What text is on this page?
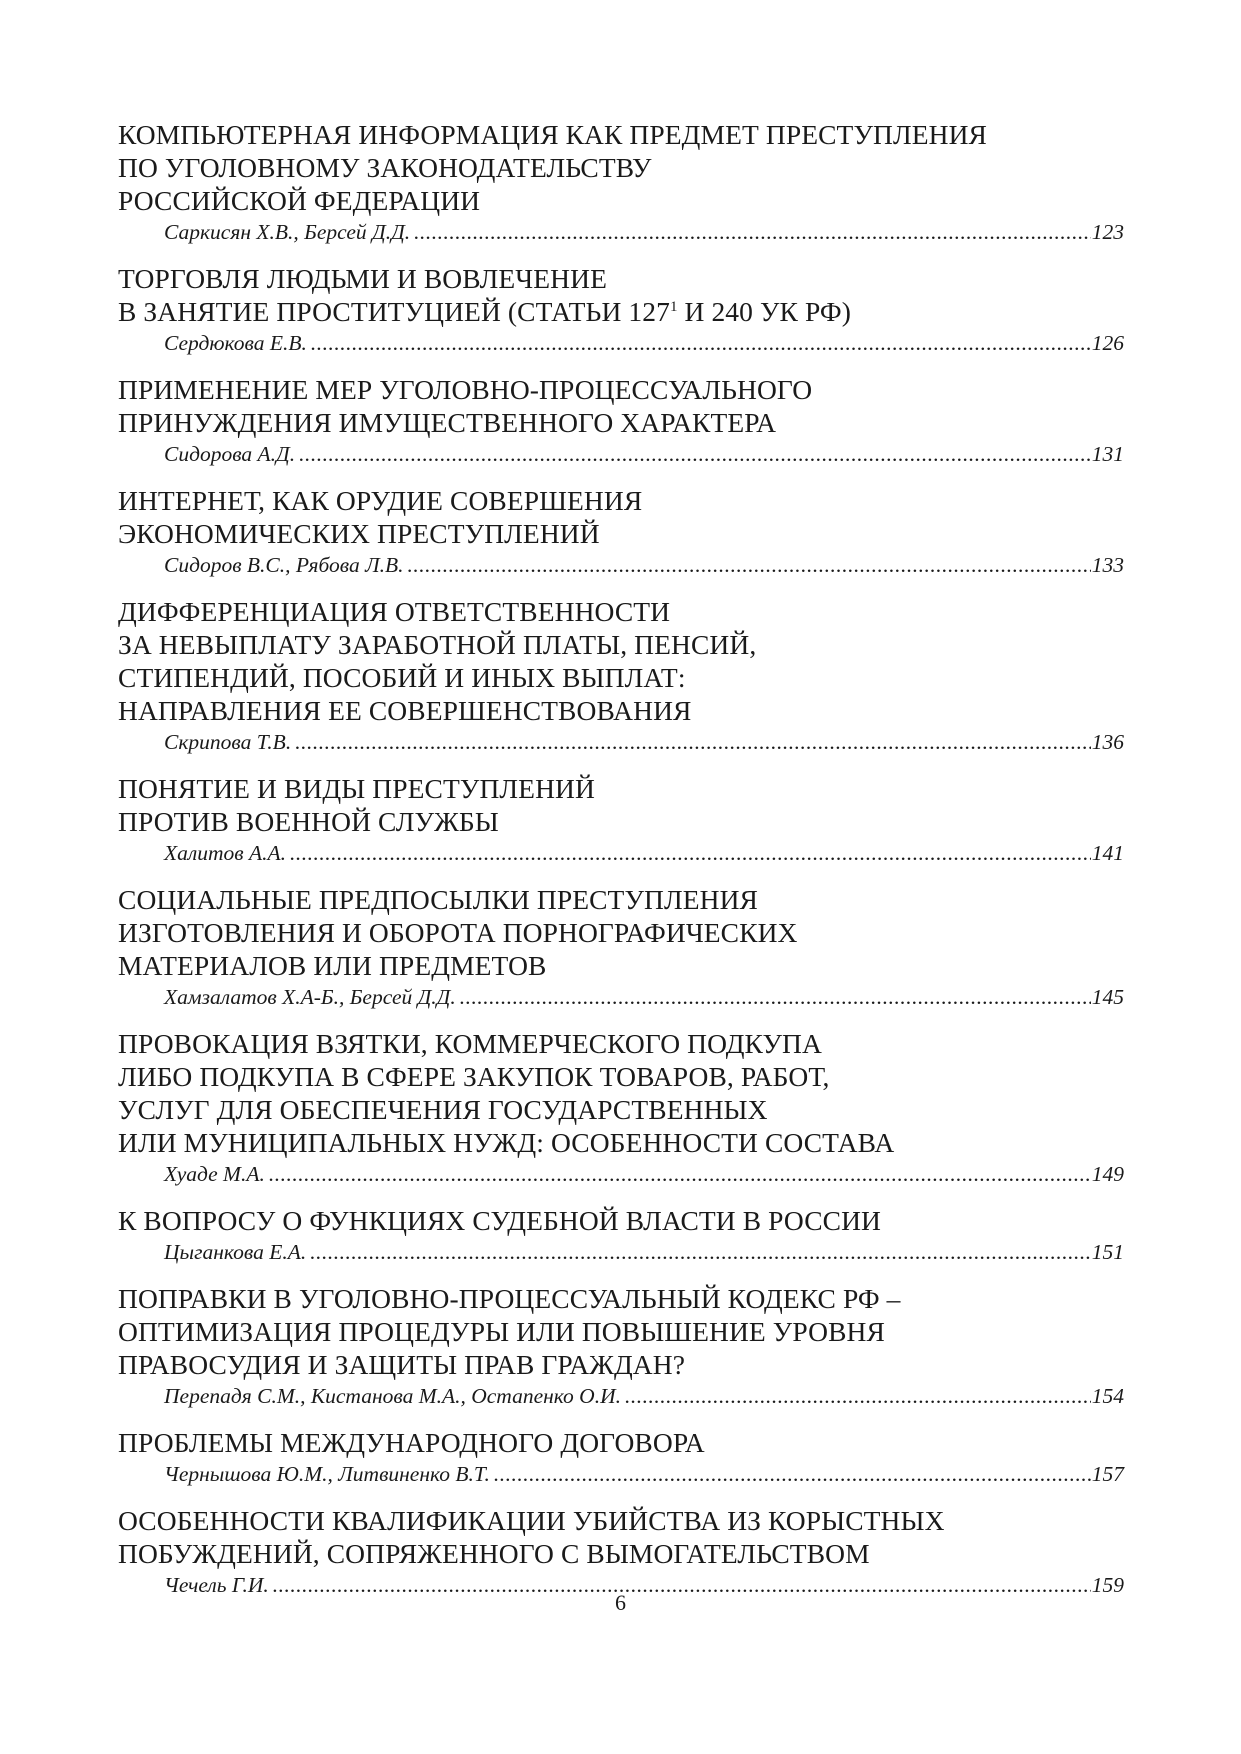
КОМПЬЮТЕРНАЯ ИНФОРМАЦИЯ КАК ПРЕДМЕТ ПРЕСТУПЛЕНИЯ
ПО УГОЛОВНОМУ ЗАКОНОДАТЕЛЬСТВУ
РОССИЙСКОЙ ФЕДЕРАЦИИ
Саркисян Х.В., Берсей Д.Д. .....	123
ТОРГОВЛЯ ЛЮДЬМИ И ВОВЛЕЧЕНИЕ
В ЗАНЯТИЕ ПРОСТИТУЦИЕЙ (СТАТЬИ $127^1$ И 240 УК РФ)
Сердюкова Е.В. .....	126
ПРИМЕНЕНИЕ МЕР УГОЛОВНО-ПРОЦЕССУАЛЬНОГО
ПРИНУЖДЕНИЯ ИМУЩЕСТВЕННОГО ХАРАКТЕРА
Сидорова А.Д. .....	131
ИНТЕРНЕТ, КАК ОРУДИЕ СОВЕРШЕНИЯ
ЭКОНОМИЧЕСКИХ ПРЕСТУПЛЕНИЙ
Сидоров В.С., Рябова Л.В. .....	133
ДИФФЕРЕНЦИАЦИЯ ОТВЕТСТВЕННОСТИ
ЗА НЕВЫПЛАТУ ЗАРАБОТНОЙ ПЛАТЫ, ПЕНСИЙ,
СТИПЕНДИЙ, ПОСОБИЙ И ИНЫХ ВЫПЛАТ:
НАПРАВЛЕНИЯ ЕЕ СОВЕРШЕНСТВОВАНИЯ
Скрипова Т.В. .....	136
ПОНЯТИЕ И ВИДЫ ПРЕСТУПЛЕНИЙ
ПРОТИВ ВОЕННОЙ СЛУЖБЫ
Халитов А.А. .....	141
СОЦИАЛЬНЫЕ ПРЕДПОСЫЛКИ ПРЕСТУПЛЕНИЯ
ИЗГОТОВЛЕНИЯ И ОБОРОТА ПОРНОГРАФИЧЕСКИХ
МАТЕРИАЛОВ ИЛИ ПРЕДМЕТОВ
Хамзалатов Х.А-Б., Берсей Д.Д. .....	145
ПРОВОКАЦИЯ ВЗЯТКИ, КОММЕРЧЕСКОГО ПОДКУПА
ЛИБО ПОДКУПА В СФЕРЕ ЗАКУПОК ТОВАРОВ, РАБОТ,
УСЛУГ ДЛЯ ОБЕСПЕЧЕНИЯ ГОСУДАРСТВЕННЫХ
ИЛИ МУНИЦИПАЛЬНЫХ НУЖД: ОСОБЕННОСТИ СОСТАВА
Хуаде М.А. .....	149
К ВОПРОСУ О ФУНКЦИЯХ СУДЕБНОЙ ВЛАСТИ В РОССИИ
Цыганкова Е.А. .....	151
ПОПРАВКИ В УГОЛОВНО-ПРОЦЕССУАЛЬНЫЙ КОДЕКС РФ –
ОПТИМИЗАЦИЯ ПРОЦЕДУРЫ ИЛИ ПОВЫШЕНИЕ УРОВНЯ
ПРАВОСУДИЯ И ЗАЩИТЫ ПРАВ ГРАЖДАН?
Перепадя С.М., Кистанова М.А., Остапенко О.И. .....	154
ПРОБЛЕМЫ МЕЖДУНАРОДНОГО ДОГОВОРА
Чернышова Ю.М., Литвиненко В.Т. .....	157
ОСОБЕННОСТИ КВАЛИФИКАЦИИ УБИЙСТВА ИЗ КОРЫСТНЫХ
ПОБУЖДЕНИЙ, СОПРЯЖЕННОГО С ВЫМОГАТЕЛЬСТВОМ
Чечель Г.И. .....	159
6
